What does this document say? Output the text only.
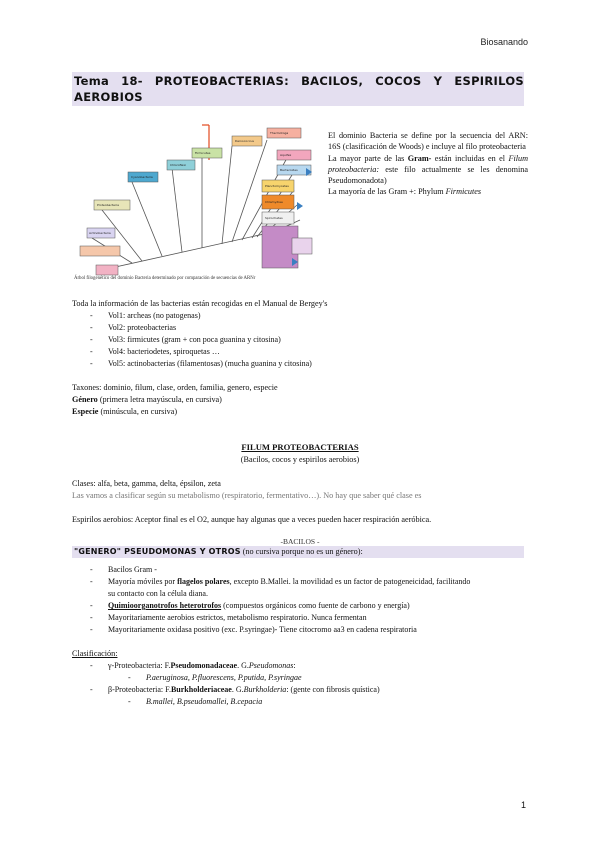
Biosanando
Tema 18- PROTEOBACTERIAS: BACILOS, COCOS Y ESPIRILOS AEROBIOS
Thermotoga
Deinococcus
Aquifex
Firmicutes
Bacteroides
Chloroflexi
Cyanobacteria
Planctomycetes
Chlamydiae
Proteobacteria
Spirochetes
Actinobacteria
Árbol filogenético del dominio Bacteria determinado por comparación de secuencias de ARNr
El dominio Bacteria se define por la secuencia del ARN: 16S (clasificación de Woods) e incluye al filo proteobacteria
La mayor parte de las Gram- están incluidas en el Filum proteobacteria: este filo actualmente se les denomina Pseudomonadota)
La mayoría de las Gram +: Phylum Firmicutes
Toda la información de las bacterias están recogidas en el Manual de Bergey's
- Vol1: archeas (no patogenas)
- Vol2: proteobacterias
- Vol3: firmicutes (gram + con poca guanina y citosina)
- Vol4: bacteriodetes, spiroquetas …
- Vol5: actinobacterias (filamentosas) (mucha guanina y citosina)
Taxones: dominio, filum, clase, orden, familia, genero, especie
Género (primera letra mayúscula, en cursiva)
Especie (minúscula, en cursiva)
FILUM PROTEOBACTERIAS
(Bacilos, cocos y espirilos aerobios)
Clases: alfa, beta, gamma, delta, épsilon, zeta
Las vamos a clasificar según su metabolismo (respiratorio, fermentativo…). No hay que saber qué clase es
Espirilos aerobios: Aceptor final es el O2, aunque hay algunas que a veces pueden hacer respiración aeróbica.
-BACILOS -
"GENERO" PSEUDOMONAS Y OTROS (no cursiva porque no es un género):
- Bacilos Gram -
- Mayoría móviles por flagelos polares, excepto B.Mallei. la movilidad es un factor de patogeneicidad, facilitando
su contacto con la célula diana.
- Quimioorganotrofos heterotrofos (compuestos orgánicos como fuente de carbono y energía)
- Mayoritariamente aerobios estrictos, metabolismo respiratorio. Nunca fermentan
- Mayoritariamente oxidasa positivo (exc. P.syringae)- Tiene citocromo aa3 en cadena respiratoria
Clasificación:
- γ-Proteobacteria: F.Pseudomonadaceae. G.Pseudomonas:
- P.aeruginosa, P.fluorescens, P.putida, P.syringae
- β-Proteobacteria: F.Burkholderiaceae. G.Burkholderia: (gente con fibrosis quística)
- B.mallei, B.pseudomallei, B.cepacia
1
